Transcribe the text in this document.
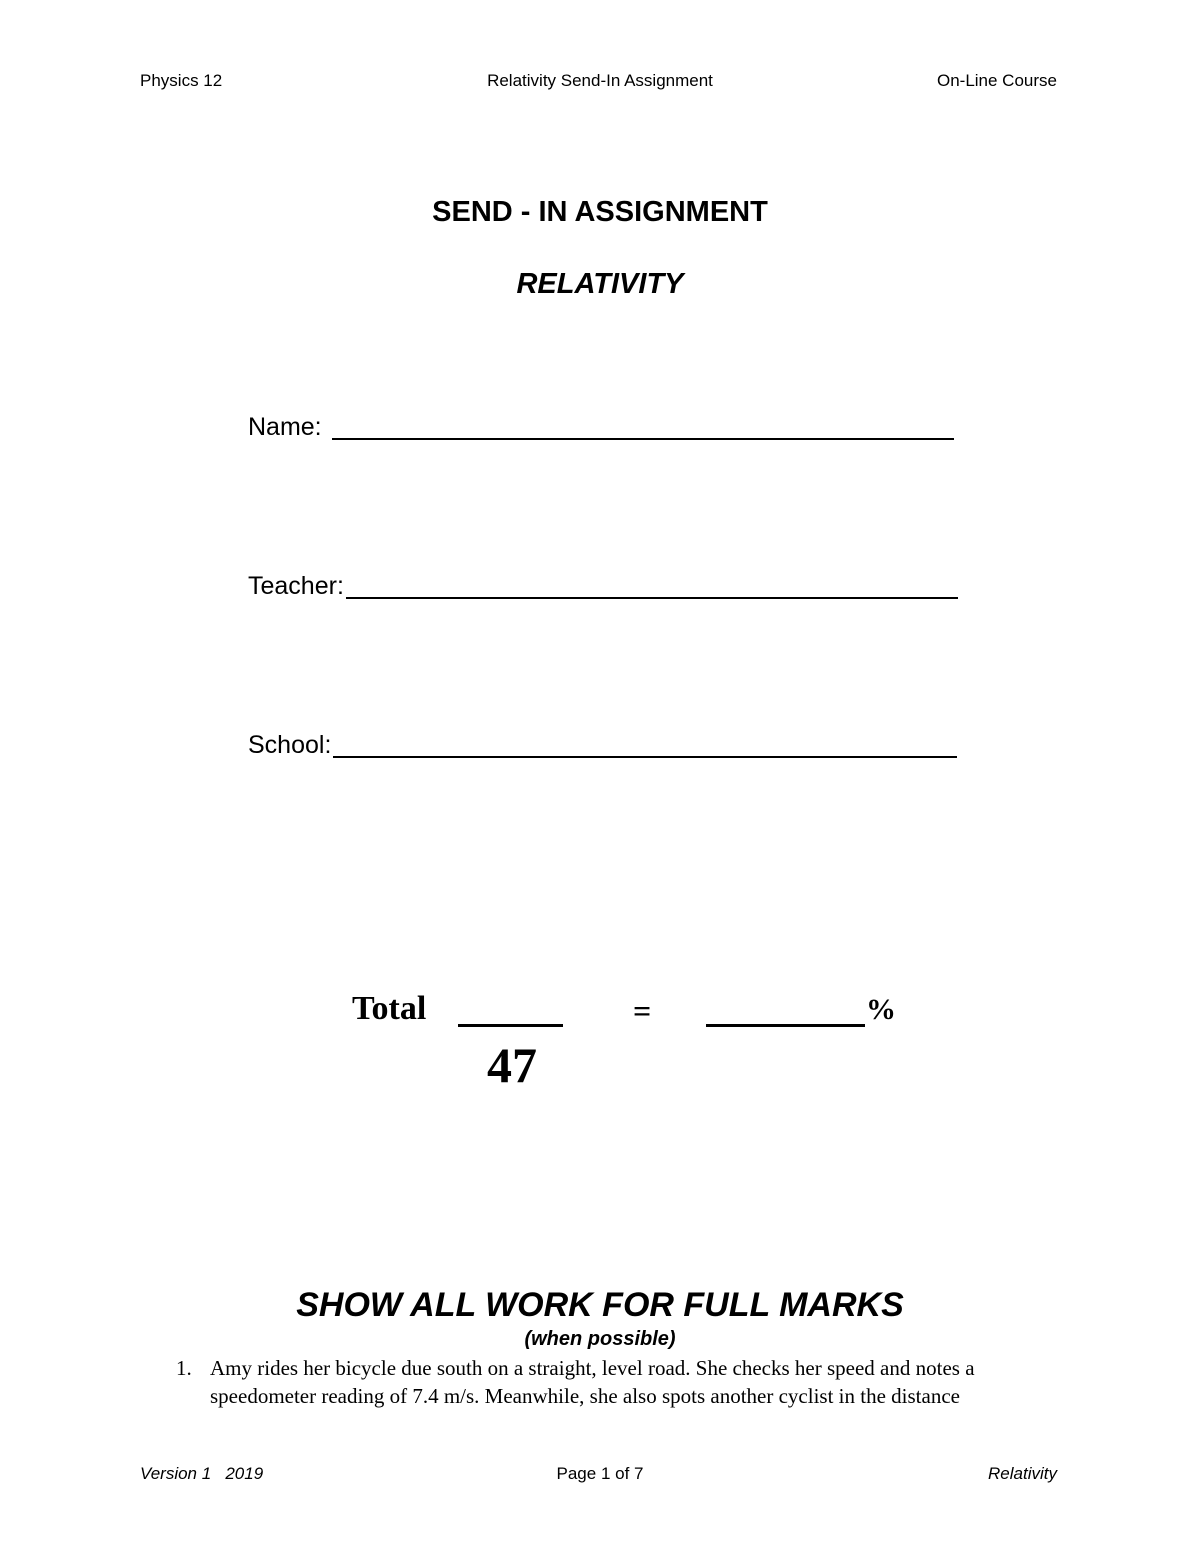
Physics 12	Relativity Send-In Assignment	On-Line Course
SEND - IN ASSIGNMENT
RELATIVITY
Name:
Teacher:
School:
Total	=	%
47
SHOW ALL WORK FOR FULL MARKS
(when possible)
1. Amy rides her bicycle due south on a straight, level road. She checks her speed and notes a
speedometer reading of 7.4 m/s. Meanwhile, she also spots another cyclist in the distance
Version 1   2019	Page 1 of 7	Relativity
